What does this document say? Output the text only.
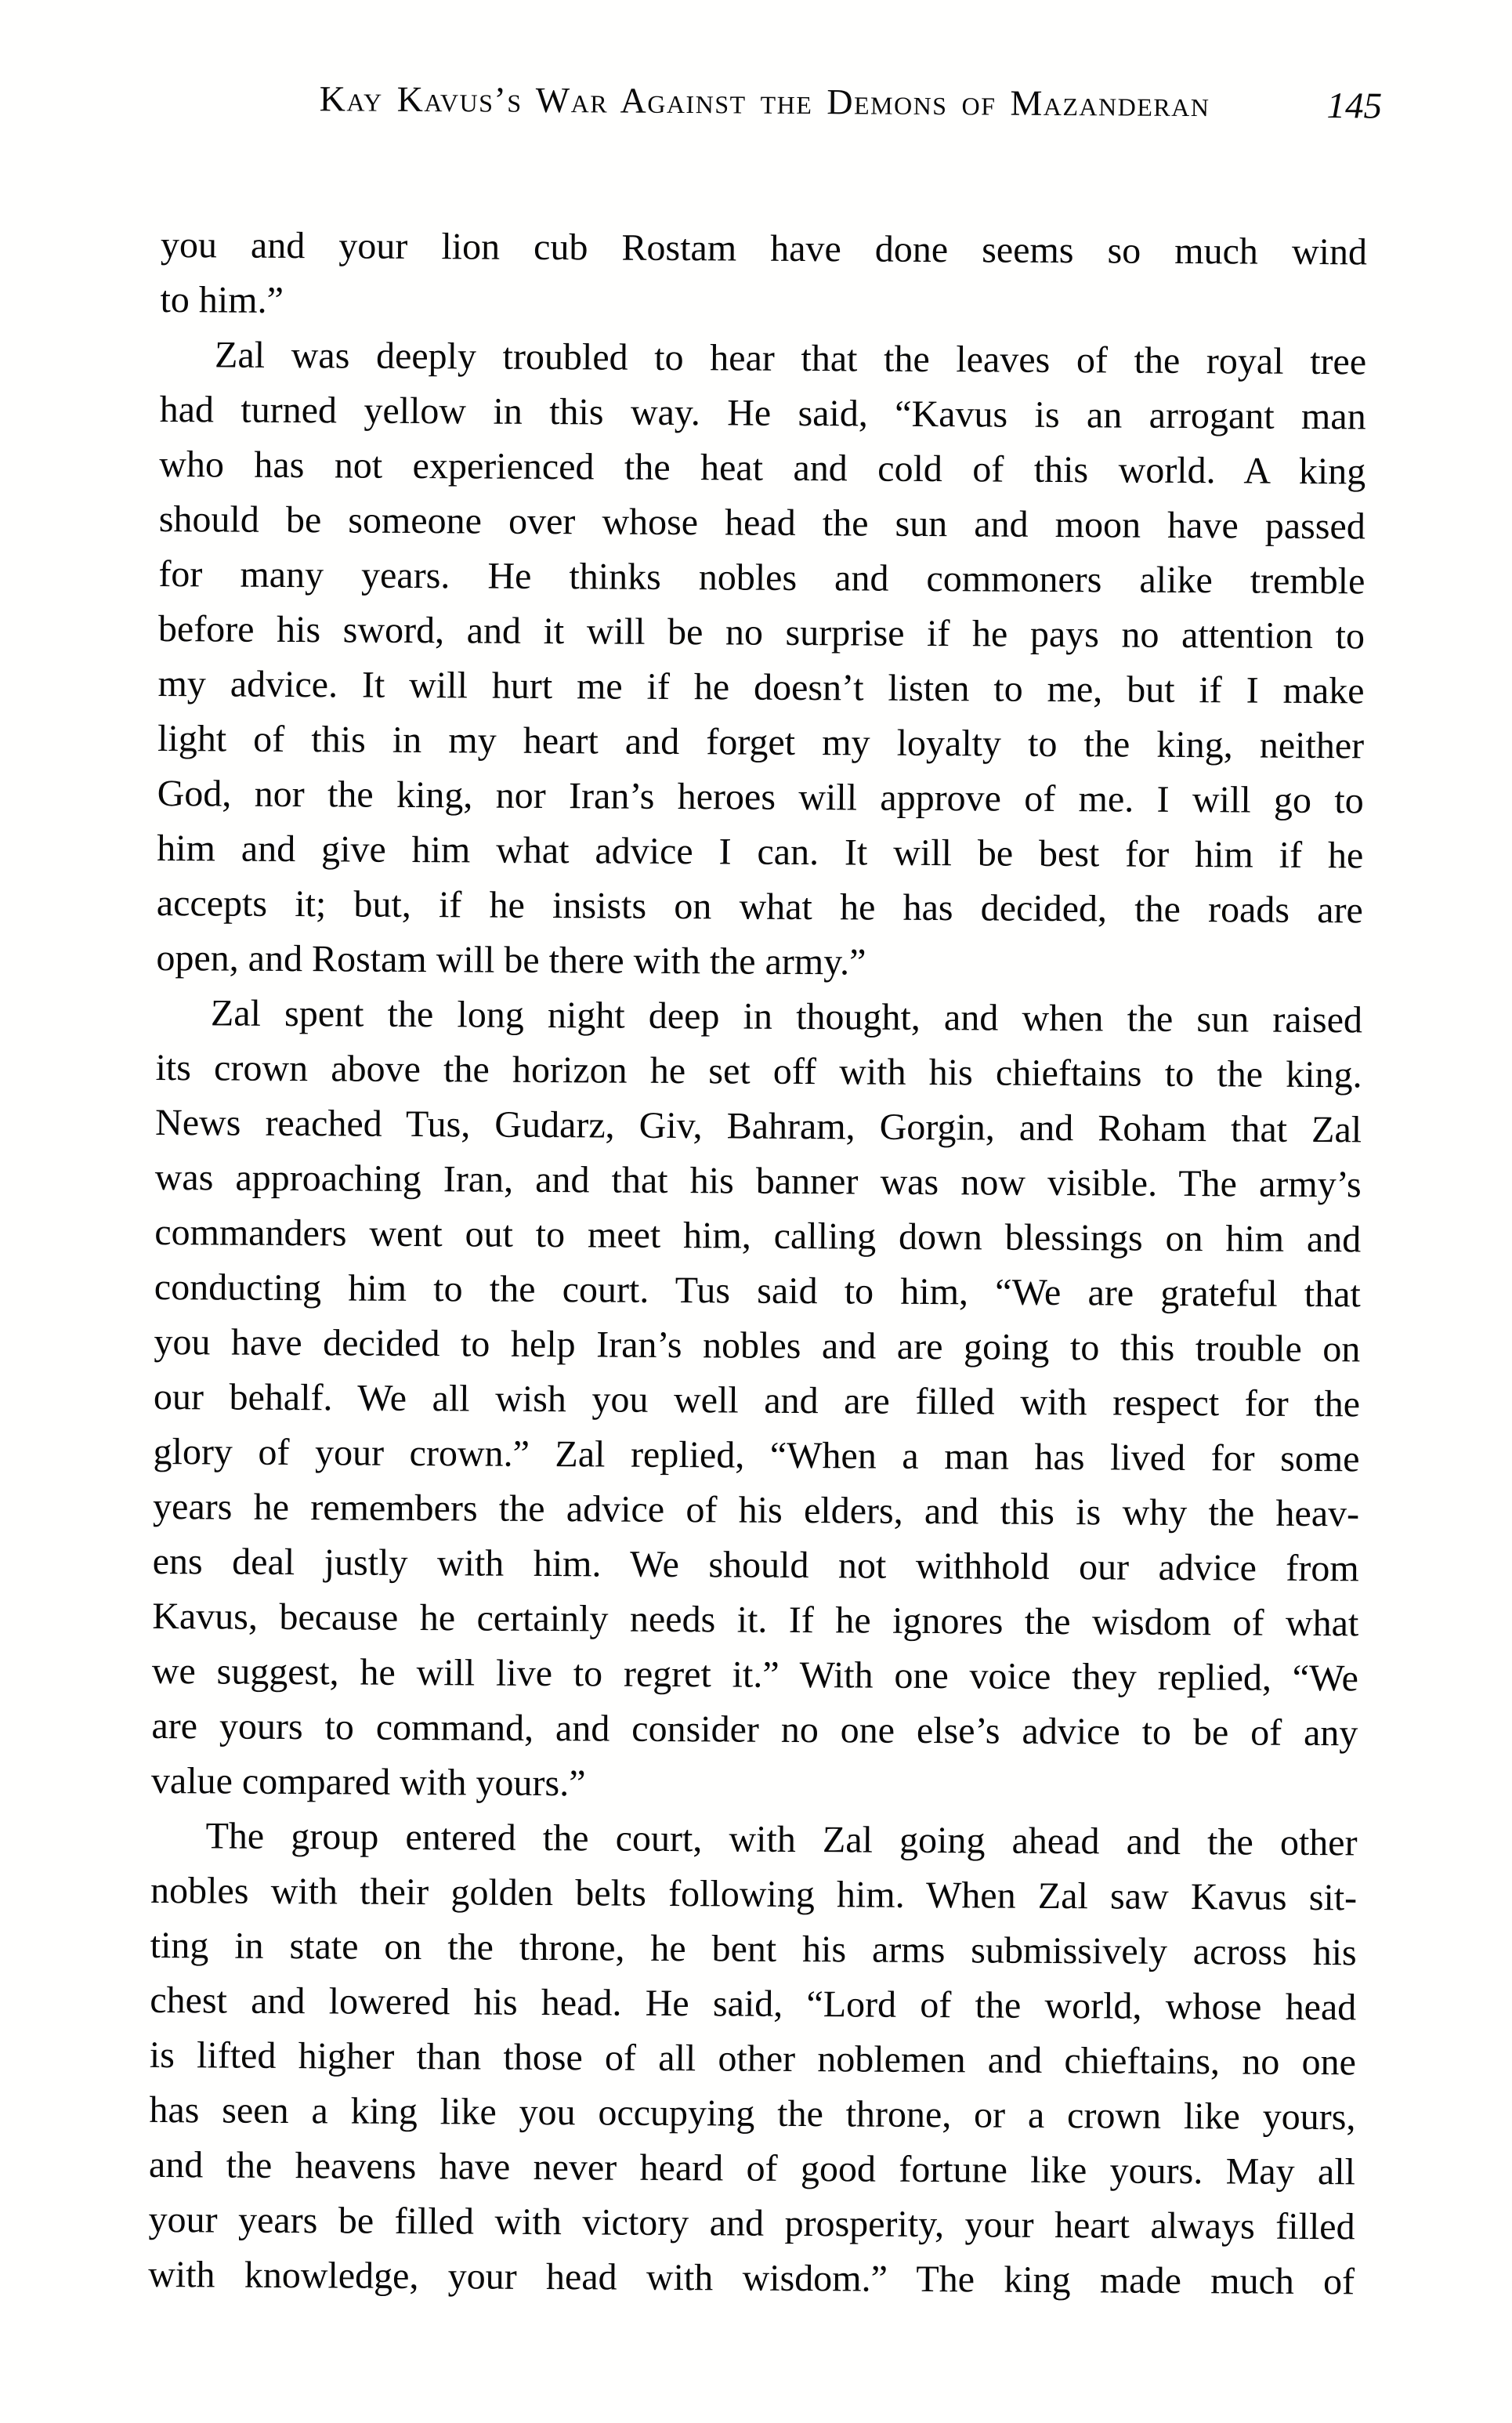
Kay Kavus’s War Against the Demons of Mazanderan	145
you and your lion cub Rostam have done seems so much wind
to him.”
Zal was deeply troubled to hear that the leaves of the royal tree
had turned yellow in this way. He said, “Kavus is an arrogant man
who has not experienced the heat and cold of this world. A king
should be someone over whose head the sun and moon have passed
for many years. He thinks nobles and commoners alike tremble
before his sword, and it will be no surprise if he pays no attention to
my advice. It will hurt me if he doesn’t listen to me, but if I make
light of this in my heart and forget my loyalty to the king, neither
God, nor the king, nor Iran’s heroes will approve of me. I will go to
him and give him what advice I can. It will be best for him if he
accepts it; but, if he insists on what he has decided, the roads are
open, and Rostam will be there with the army.”
Zal spent the long night deep in thought, and when the sun raised
its crown above the horizon he set off with his chieftains to the king.
News reached Tus, Gudarz, Giv, Bahram, Gorgin, and Roham that Zal
was approaching Iran, and that his banner was now visible. The army’s
commanders went out to meet him, calling down blessings on him and
conducting him to the court. Tus said to him, “We are grateful that
you have decided to help Iran’s nobles and are going to this trouble on
our behalf. We all wish you well and are filled with respect for the
glory of your crown.” Zal replied, “When a man has lived for some
years he remembers the advice of his elders, and this is why the heav-
ens deal justly with him. We should not withhold our advice from
Kavus, because he certainly needs it. If he ignores the wisdom of what
we suggest, he will live to regret it.” With one voice they replied, “We
are yours to command, and consider no one else’s advice to be of any
value compared with yours.”
The group entered the court, with Zal going ahead and the other
nobles with their golden belts following him. When Zal saw Kavus sit-
ting in state on the throne, he bent his arms submissively across his
chest and lowered his head. He said, “Lord of the world, whose head
is lifted higher than those of all other noblemen and chieftains, no one
has seen a king like you occupying the throne, or a crown like yours,
and the heavens have never heard of good fortune like yours. May all
your years be filled with victory and prosperity, your heart always filled
with knowledge, your head with wisdom.” The king made much of
